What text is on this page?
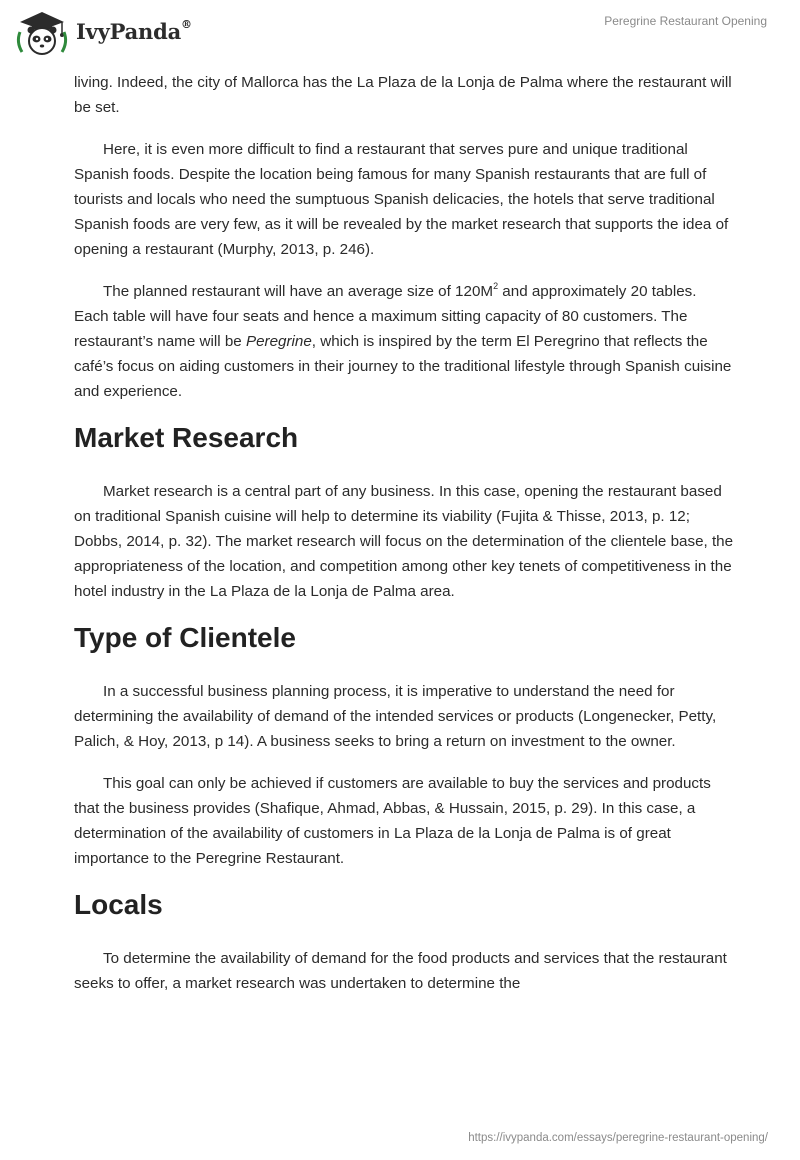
IvyPanda®	Peregrine Restaurant Opening

living. Indeed, the city of Mallorca has the La Plaza de la Lonja de Palma where the restaurant will be set.

Here, it is even more difficult to find a restaurant that serves pure and unique traditional Spanish foods. Despite the location being famous for many Spanish restaurants that are full of tourists and locals who need the sumptuous Spanish delicacies, the hotels that serve traditional Spanish foods are very few, as it will be revealed by the market research that supports the idea of opening a restaurant (Murphy, 2013, p. 246).

The planned restaurant will have an average size of $120M^2$ and approximately 20 tables. Each table will have four seats and hence a maximum sitting capacity of 80 customers. The restaurant’s name will be Peregrine, which is inspired by the term El Peregrino that reflects the café’s focus on aiding customers in their journey to the traditional lifestyle through Spanish cuisine and experience.

Market Research

Market research is a central part of any business. In this case, opening the restaurant based on traditional Spanish cuisine will help to determine its viability (Fujita & Thisse, 2013, p. 12; Dobbs, 2014, p. 32). The market research will focus on the determination of the clientele base, the appropriateness of the location, and competition among other key tenets of competitiveness in the hotel industry in the La Plaza de la Lonja de Palma area.

Type of Clientele

In a successful business planning process, it is imperative to understand the need for determining the availability of demand of the intended services or products (Longenecker, Petty, Palich, & Hoy, 2013, p 14). A business seeks to bring a return on investment to the owner.

This goal can only be achieved if customers are available to buy the services and products that the business provides (Shafique, Ahmad, Abbas, & Hussain, 2015, p. 29). In this case, a determination of the availability of customers in La Plaza de la Lonja de Palma is of great importance to the Peregrine Restaurant.

Locals

To determine the availability of demand for the food products and services that the restaurant seeks to offer, a market research was undertaken to determine the

https://ivypanda.com/essays/peregrine-restaurant-opening/
